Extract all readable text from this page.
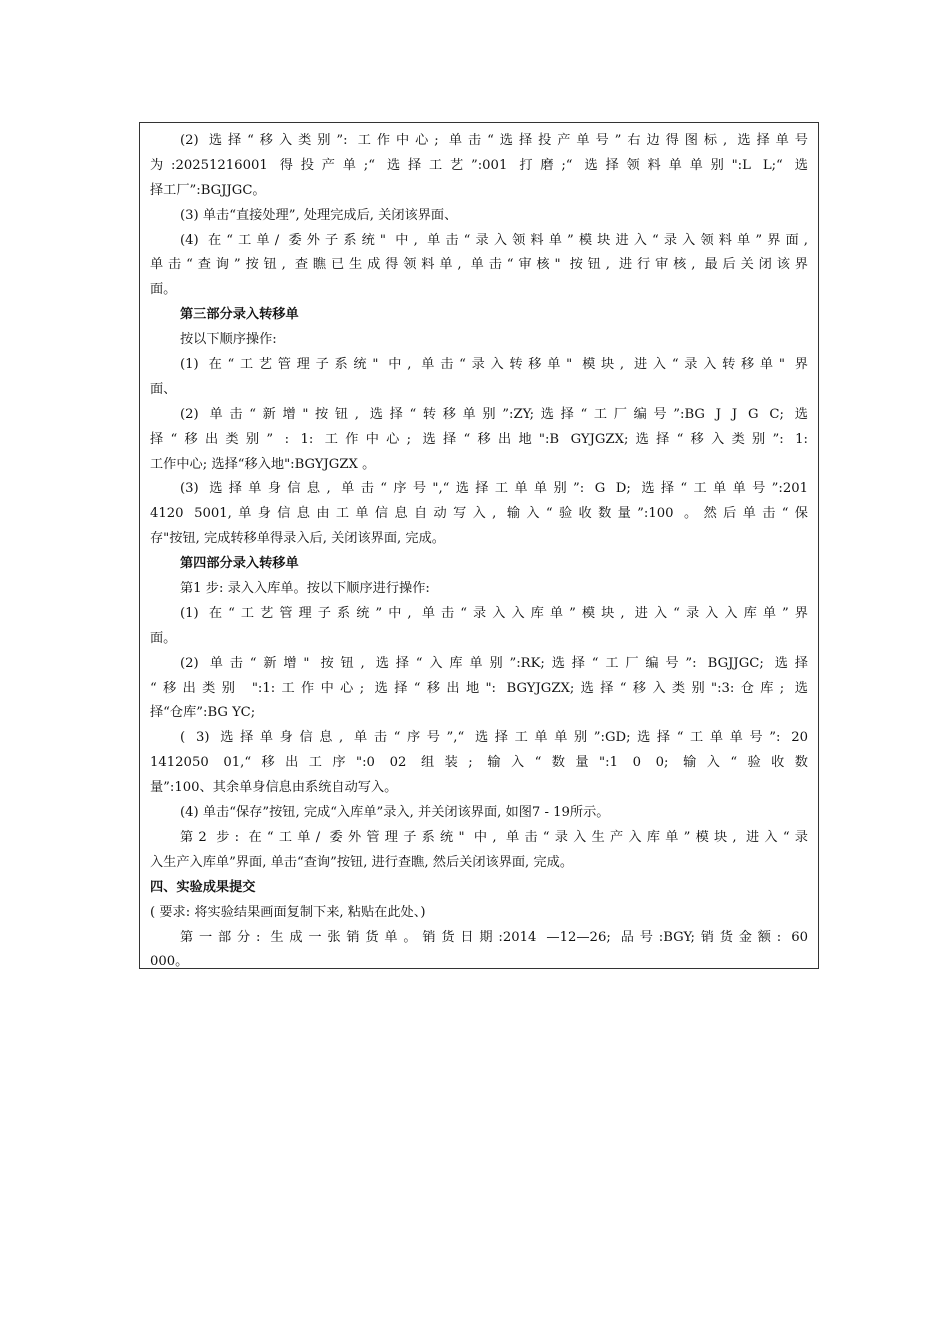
(2) 选择“移入类别”: 工作中心; 单击“选择投产单号”右边得图标, 选择单号
为:20251216001 得投产单;“ 选择工艺”:001 打磨;“ 选择领料单单别":L L;“ 选
择工厂”:BGJJGC。
(3) 单击“直接处理”, 处理完成后, 关闭该界面、
(4) 在“工单/ 委外子系统" 中, 单击“录入领料单”模块进入“录入领料单”界面,
单击“查询”按钮, 查瞧已生成得领料单, 单击“审核" 按钮, 进行审核, 最后关闭该界
面。
第三部分录入转移单
按以下顺序操作:
(1) 在“工艺管理子系统" 中, 单击“录入转移单" 模块, 进入“录入转移单" 界
面、
(2) 单击“新增"按钮, 选择“转移单别”:ZY;选择“工厂编号”:BG J J G C; 选
择“移出类别” : 1: 工作中心; 选择“移出地":B GYJGZX;选择“移入类别”: 1:
工作中心; 选择“移入地":BGYJGZX 。
(3) 选择单身信息, 单击“序号",“选择工单单别”: G D; 选择“工单单号”:201
4120 5001,单身信息由工单信息自动写入, 输入“验收数量”:100 。然后单击“保
存"按钮, 完成转移单得录入后, 关闭该界面, 完成。
第四部分录入转移单
第1 步: 录入入库单。按以下顺序进行操作:
(1) 在“工艺管理子系统”中, 单击“录入入库单”模块, 进入“录入入库单”界
面。
(2) 单击“新增" 按钮, 选择“入库单别”:RK;选择“工厂编号”: BGJJGC; 选择
“移出类别 ":1:工作中心; 选择“移出地": BGYJGZX;选择“移入类别":3:仓库; 选
择“仓库”:BG YC;
( 3) 选择单身信息, 单击“序号”,“ 选择工单单别”:GD;选择“工单单号”: 20
1412050 01,“移出工序":0 02 组装; 输入“数量":1 0 0; 输入“验收数
量”:100、其余单身信息由系统自动写入。
(4) 单击“保存”按钮, 完成“入库单”录入, 并关闭该界面, 如图7 - 19所示。
第2 步: 在“工单/ 委外管理子系统" 中, 单击“录入生产入库单”模块, 进入“录
入生产入库单”界面, 单击“查询”按钮, 进行查瞧, 然后关闭该界面, 完成。
四、实验成果提交
( 要求: 将实验结果画面复制下来, 粘贴在此处、)
第一部分: 生成一张销货单。销货日期:2014 —12—26; 品号:BGY;销货金额: 60
000。
